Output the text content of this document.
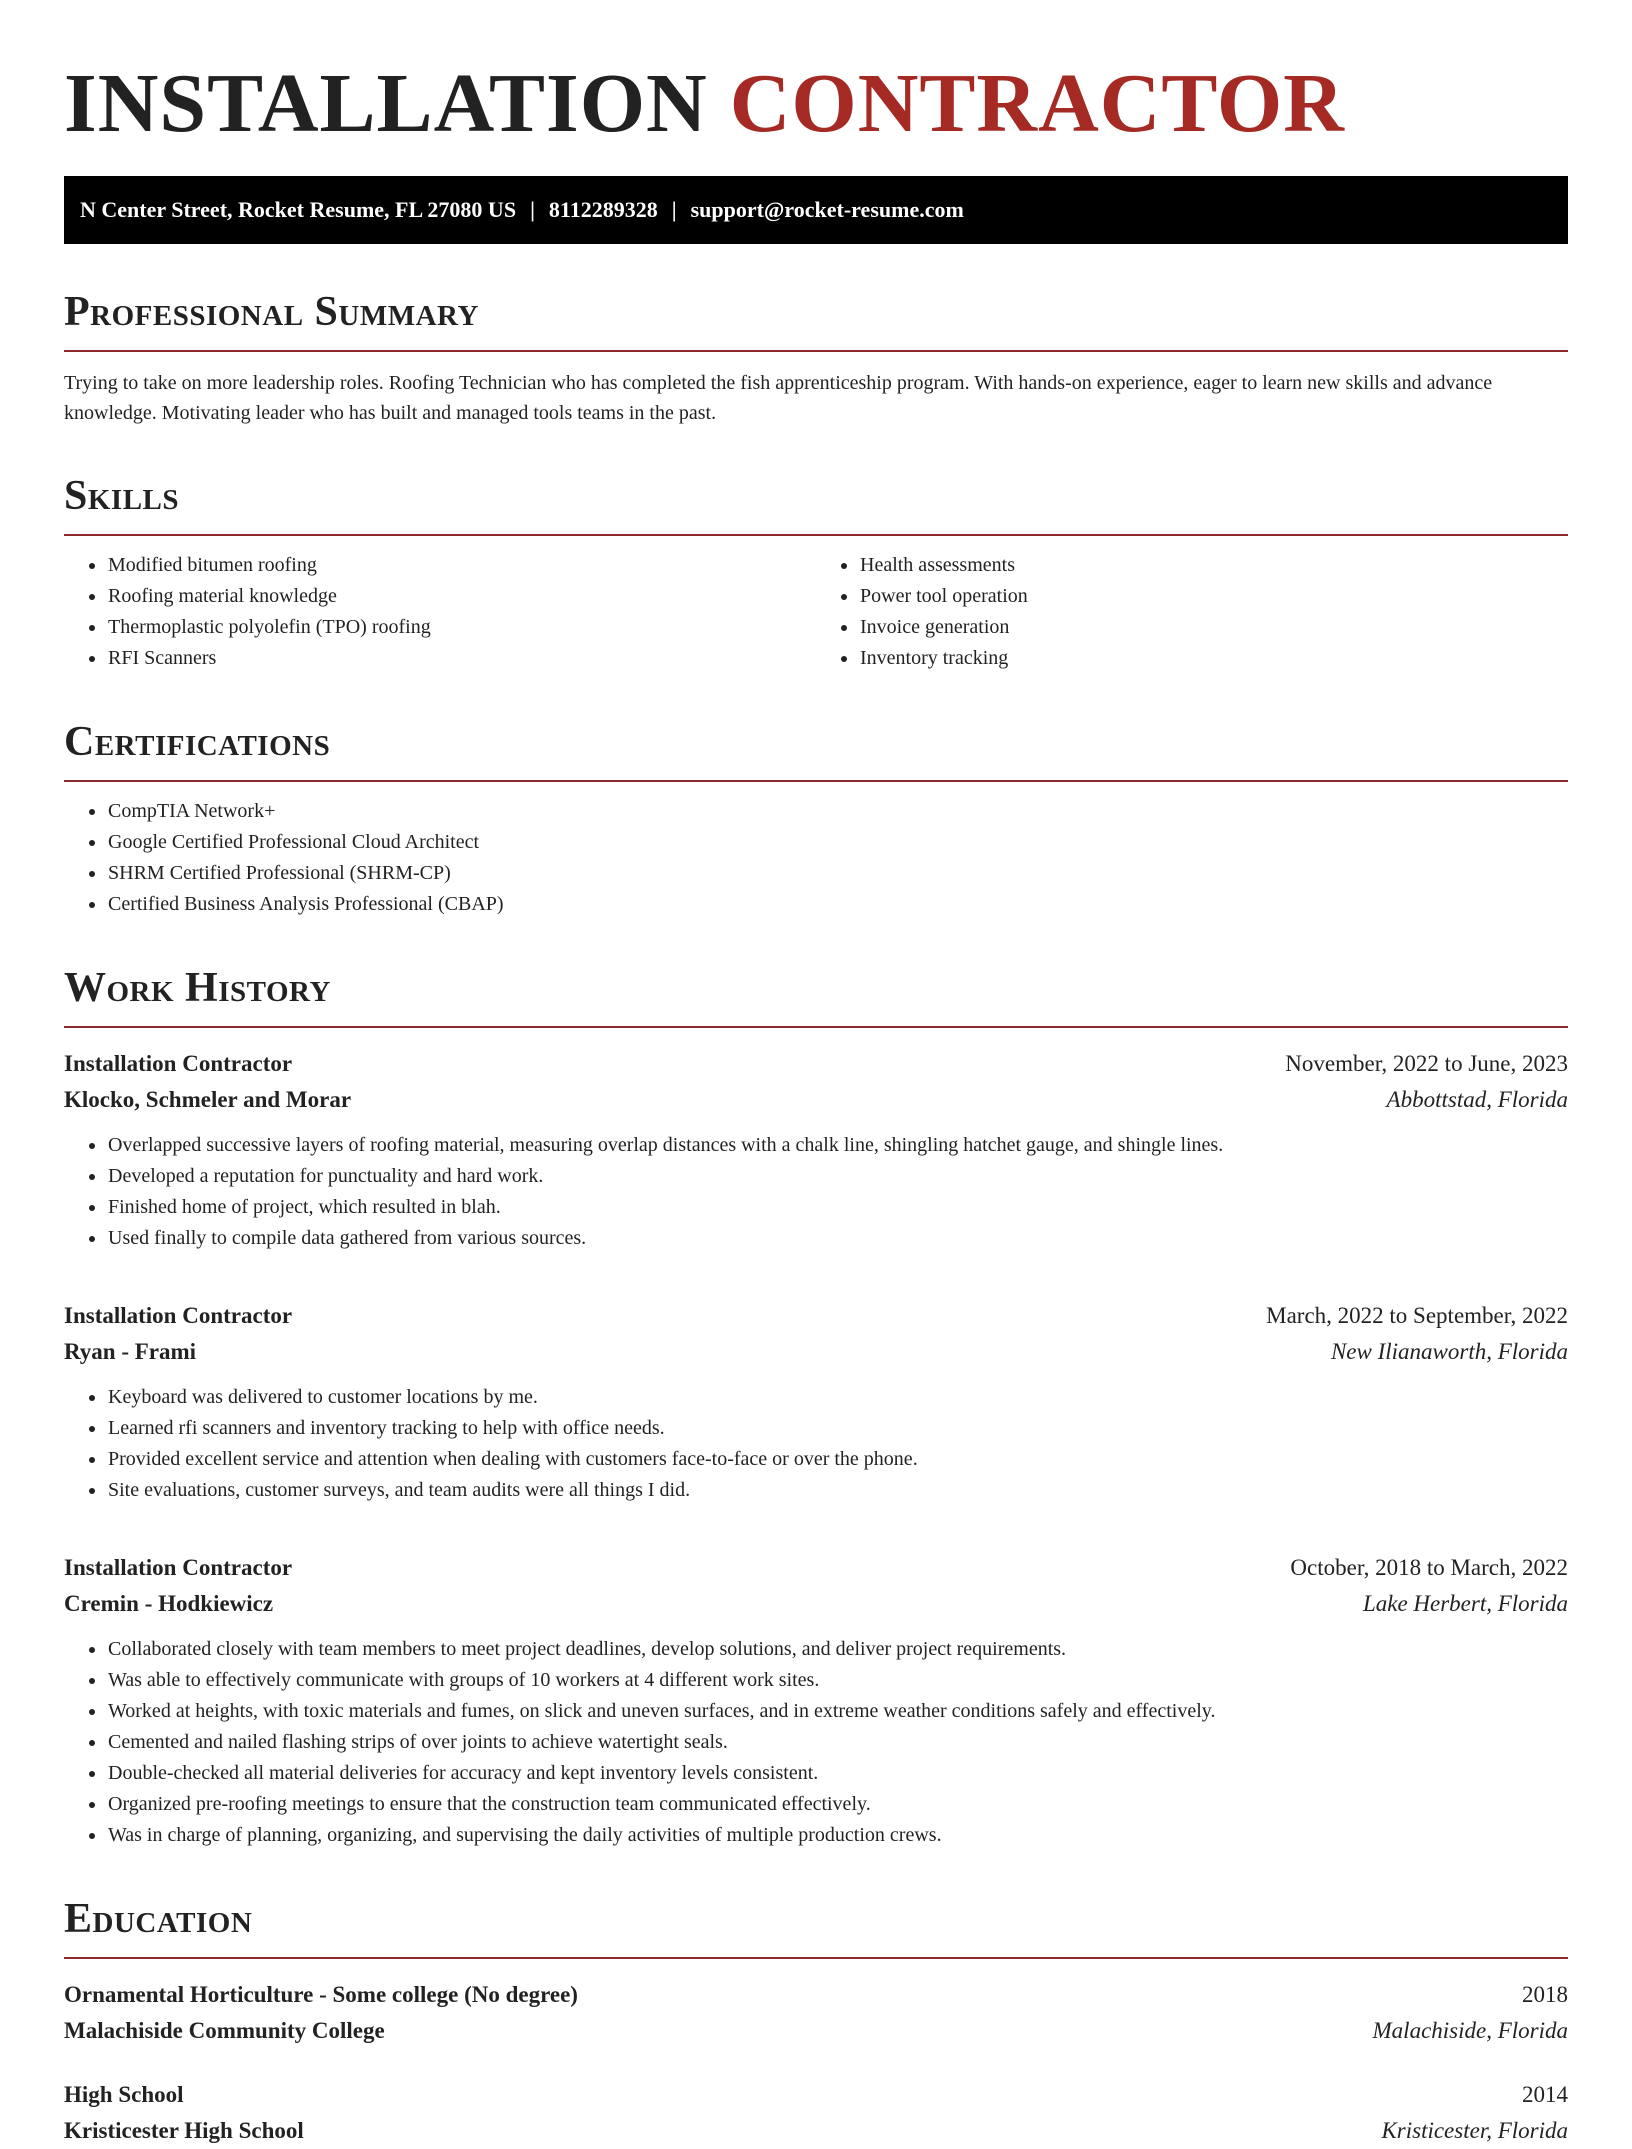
INSTALLATION CONTRACTOR
N Center Street, Rocket Resume, FL 27080 US | 8112289328 | support@rocket-resume.com
Professional Summary

Trying to take on more leadership roles. Roofing Technician who has completed the fish apprenticeship program. With hands-on experience, eager to learn new skills and advance knowledge. Motivating leader who has built and managed tools teams in the past.

Skills
• Modified bitumen roofing
• Roofing material knowledge
• Thermoplastic polyolefin (TPO) roofing
• RFI Scanners
• Health assessments
• Power tool operation
• Invoice generation
• Inventory tracking
Certifications
• CompTIA Network+
• Google Certified Professional Cloud Architect
• SHRM Certified Professional (SHRM-CP)
• Certified Business Analysis Professional (CBAP)
Work History
Installation Contractor	November, 2022 to June, 2023
Klocko, Schmeler and Morar	Abbottstad, Florida
• Overlapped successive layers of roofing material, measuring overlap distances with a chalk line, shingling hatchet gauge, and shingle lines.
• Developed a reputation for punctuality and hard work.
• Finished home of project, which resulted in blah.
• Used finally to compile data gathered from various sources.
Installation Contractor	March, 2022 to September, 2022
Ryan - Frami	New Ilianaworth, Florida
• Keyboard was delivered to customer locations by me.
• Learned rfi scanners and inventory tracking to help with office needs.
• Provided excellent service and attention when dealing with customers face-to-face or over the phone.
• Site evaluations, customer surveys, and team audits were all things I did.
Installation Contractor	October, 2018 to March, 2022
Cremin - Hodkiewicz	Lake Herbert, Florida
• Collaborated closely with team members to meet project deadlines, develop solutions, and deliver project requirements.
• Was able to effectively communicate with groups of 10 workers at 4 different work sites.
• Worked at heights, with toxic materials and fumes, on slick and uneven surfaces, and in extreme weather conditions safely and effectively.
• Cemented and nailed flashing strips of over joints to achieve watertight seals.
• Double-checked all material deliveries for accuracy and kept inventory levels consistent.
• Organized pre-roofing meetings to ensure that the construction team communicated effectively.
• Was in charge of planning, organizing, and supervising the daily activities of multiple production crews.
Education
Ornamental Horticulture - Some college (No degree)	2018
Malachiside Community College	Malachiside, Florida
High School	2014
Kristicester High School	Kristicester, Florida
